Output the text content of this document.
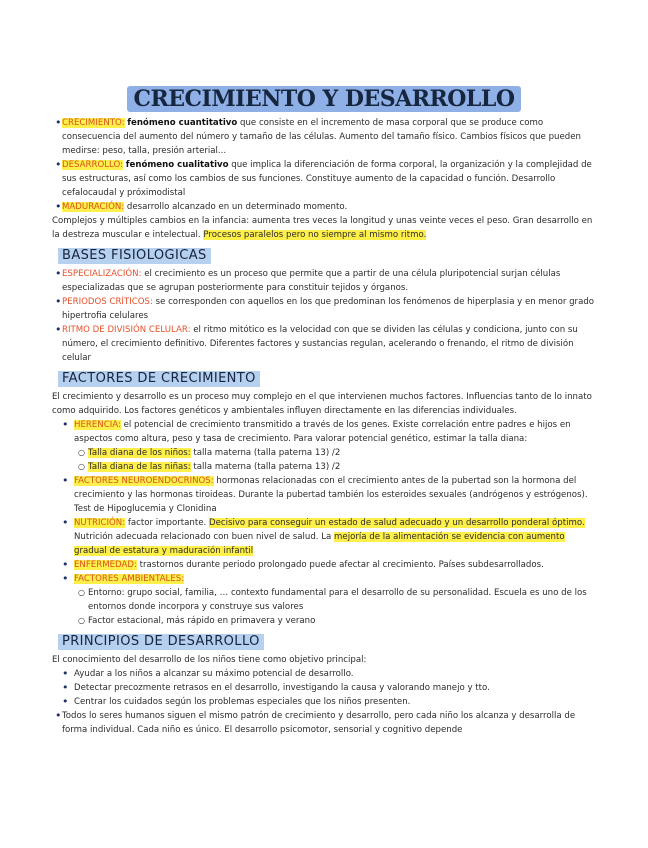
CRECIMIENTO Y DESARROLLO

• CRECIMIENTO: fenómeno cuantitativo que consiste en el incremento de masa corporal que se produce como consecuencia del aumento del número y tamaño de las células. Aumento del tamaño físico. Cambios físicos que pueden medirse: peso, talla, presión arterial...

• DESARROLLO: fenómeno cualitativo que implica la diferenciación de forma corporal, la organización y la complejidad de sus estructuras, así como los cambios de sus funciones. Constituye aumento de la capacidad o función. Desarrollo cefalocaudal y próximodistal

• MADURACIÓN: desarrollo alcanzado en un determinado momento.

Complejos y múltiples cambios en la infancia: aumenta tres veces la longitud y unas veinte veces el peso. Gran desarrollo en la destreza muscular e intelectual. Procesos paralelos pero no siempre al mismo ritmo.

BASES FISIOLOGICAS

• ESPECIALIZACIÓN: el crecimiento es un proceso que permite que a partir de una célula pluripotencial surjan células especializadas que se agrupan posteriormente para constituir tejidos y órganos.

• PERIODOS CRÍTICOS: se corresponden con aquellos en los que predominan los fenómenos de hiperplasia y en menor grado hipertrofia celulares

• RITMO DE DIVISIÓN CELULAR: el ritmo mitótico es la velocidad con que se dividen las células y condiciona, junto con su número, el crecimiento definitivo. Diferentes factores y sustancias regulan, acelerando o frenando, el ritmo de división celular

FACTORES DE CRECIMIENTO

El crecimiento y desarrollo es un proceso muy complejo en el que intervienen muchos factores. Influencias tanto de lo innato como adquirido. Los factores genéticos y ambientales influyen directamente en las diferencias individuales.

• HERENCIA: el potencial de crecimiento transmitido a través de los genes. Existe correlación entre padres e hijos en aspectos como altura, peso y tasa de crecimiento. Para valorar potencial genético, estimar la talla diana:

○ Talla diana de los niños: talla materna (talla paterna 13) /2

○ Talla diana de las niñas: talla materna (talla paterna 13) /2

• FACTORES NEUROENDOCRINOS: hormonas relacionadas con el crecimiento antes de la pubertad son la hormona del crecimiento y las hormonas tiroideas. Durante la pubertad también los esteroides sexuales (andrógenos y estrógenos). Test de Hipoglucemia y Clonidina

• NUTRICIÓN: factor importante. Decisivo para conseguir un estado de salud adecuado y un desarrollo ponderal óptimo. Nutrición adecuada relacionado con buen nivel de salud. La mejoría de la alimentación se evidencia con aumento gradual de estatura y maduración infantil

• ENFERMEDAD: trastornos durante periodo prolongado puede afectar al crecimiento. Países subdesarrollados.

• FACTORES AMBIENTALES:

○ Entorno: grupo social, familia, … contexto fundamental para el desarrollo de su personalidad. Escuela es uno de los entornos donde incorpora y construye sus valores

○ Factor estacional, más rápido en primavera y verano

PRINCIPIOS DE DESARROLLO

El conocimiento del desarrollo de los niños tiene como objetivo principal:

• Ayudar a los niños a alcanzar su máximo potencial de desarrollo.

• Detectar precozmente retrasos en el desarrollo, investigando la causa y valorando manejo y tto.

• Centrar los cuidados según los problemas especiales que los niños presenten.

• Todos lo seres humanos siguen el mismo patrón de crecimiento y desarrollo, pero cada niño los alcanza y desarrolla de forma individual. Cada niño es único. El desarrollo psicomotor, sensorial y cognitivo depende
